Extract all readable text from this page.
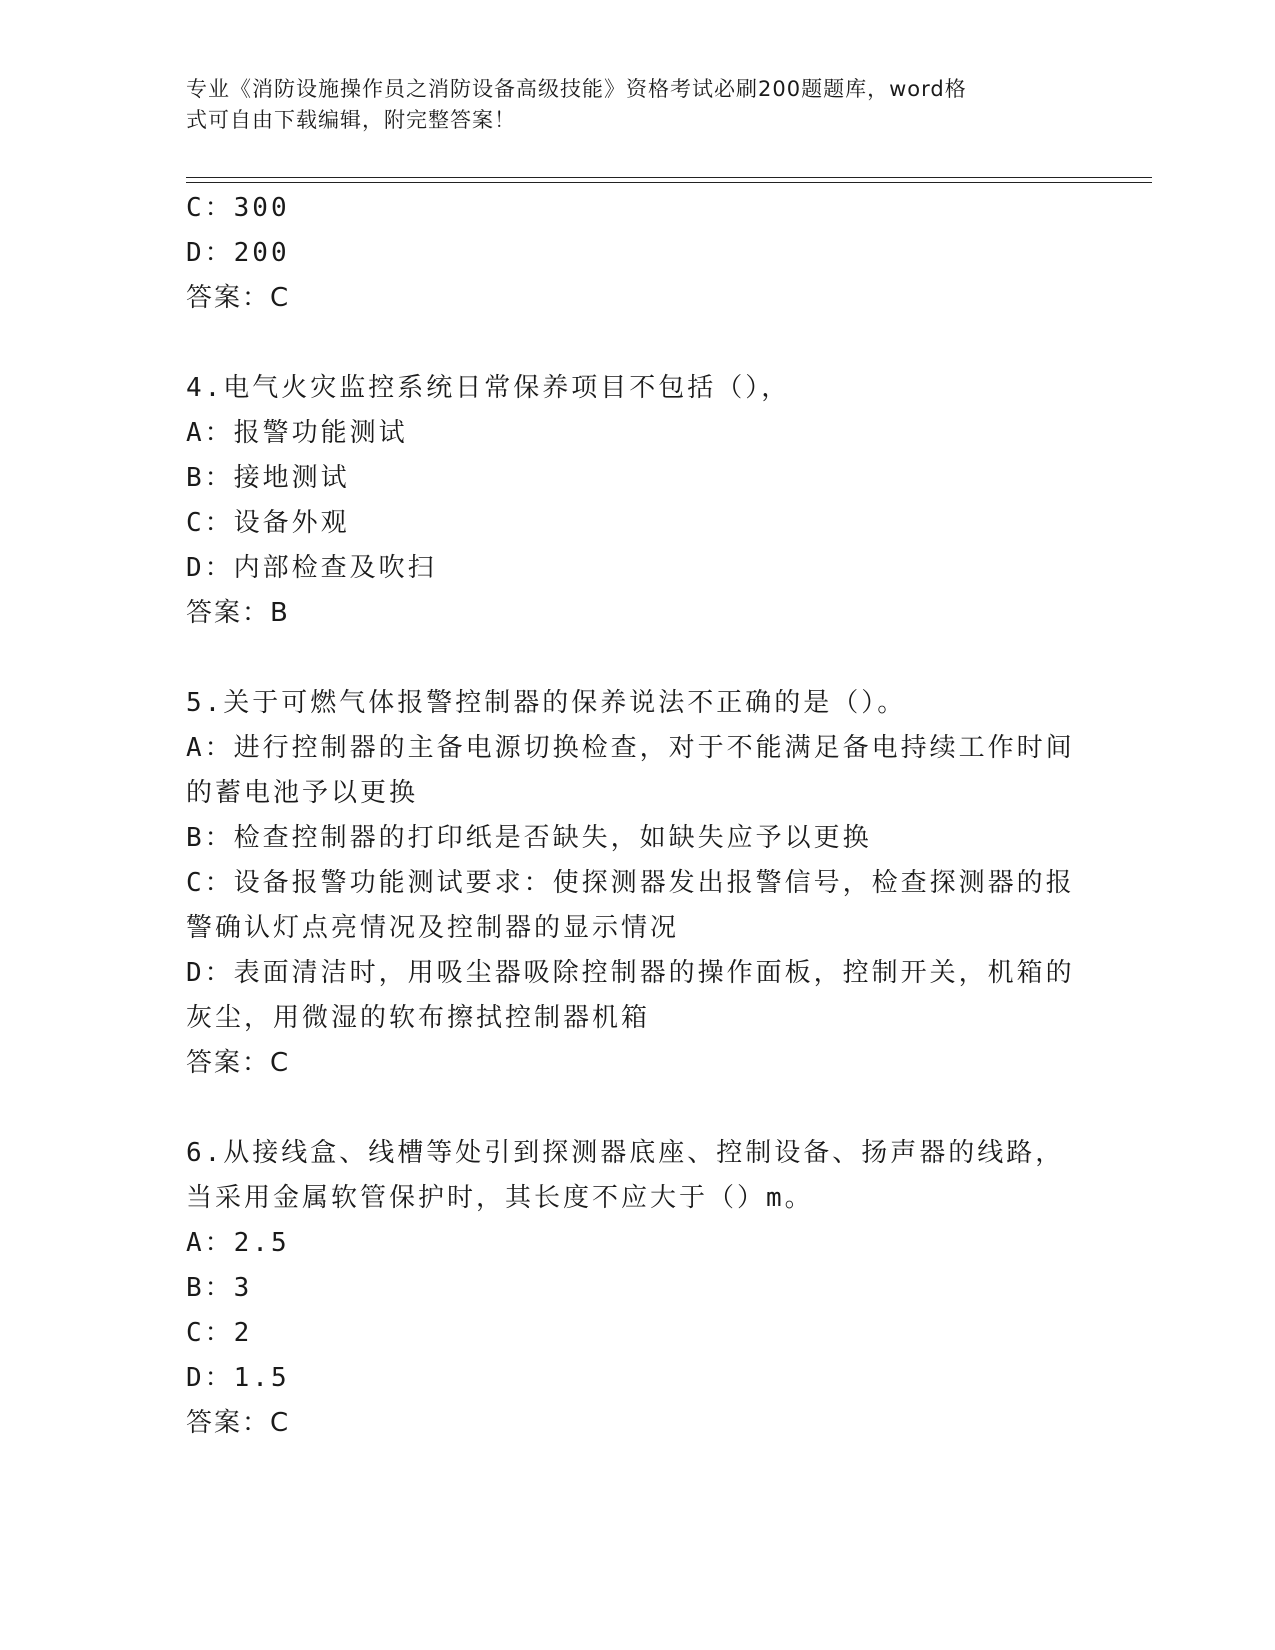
专业《消防设施操作员之消防设备高级技能》资格考试必刷200题题库，word格
式可自由下载编辑，附完整答案！
C：300
D：200
答案：C
4.电气火灾监控系统日常保养项目不包括（），
A：报警功能测试
B：接地测试
C：设备外观
D：内部检查及吹扫
答案：B
5.关于可燃气体报警控制器的保养说法不正确的是（）。
A：进行控制器的主备电源切换检查，对于不能满足备电持续工作时间
的蓄电池予以更换
B：检查控制器的打印纸是否缺失，如缺失应予以更换
C：设备报警功能测试要求：使探测器发出报警信号，检查探测器的报
警确认灯点亮情况及控制器的显示情况
D：表面清洁时，用吸尘器吸除控制器的操作面板，控制开关，机箱的
灰尘，用微湿的软布擦拭控制器机箱
答案：C
6.从接线盒、线槽等处引到探测器底座、控制设备、扬声器的线路，
当采用金属软管保护时，其长度不应大于（）m。
A：2.5
B：3
C：2
D：1.5
答案：C
